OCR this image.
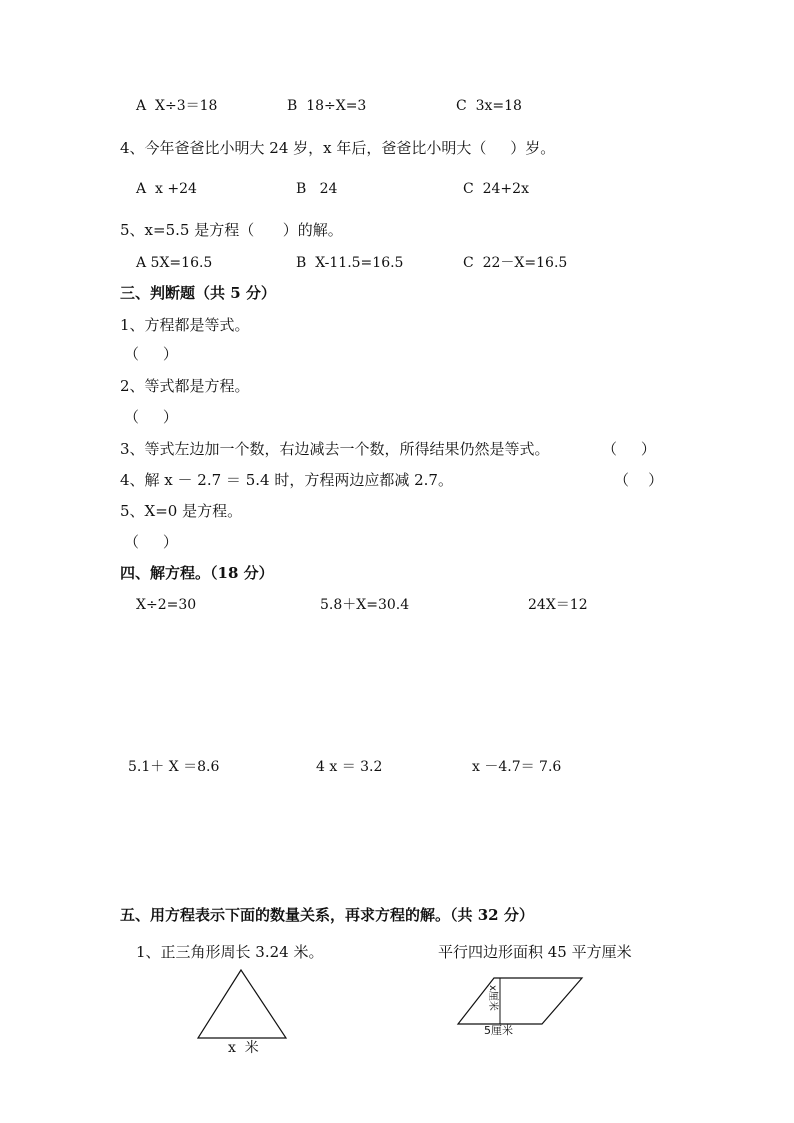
A  X÷3＝18	B  18÷X=3	C  3x=18
4、今年爸爸比小明大 24 岁，x 年后，爸爸比小明大（     ）岁。
A  x +24	B   24	C  24+2x
5、x=5.5 是方程（      ）的解。
A 5X=16.5	B  X-11.5=16.5	C  22－X=16.5
三、判断题（共 5 分）
1、方程都是等式。
（     ）
2、等式都是方程。
（     ）
3、等式左边加一个数，右边减去一个数，所得结果仍然是等式。	（     ）
4、解 x － 2.7 ＝ 5.4 时，方程两边应都减 2.7。	（    ）
5、X=0 是方程。
（     ）
四、解方程。（18 分）
X÷2=30	5.8＋X=30.4	24X＝12
5.1＋ X ＝8.6	4 x ＝ 3.2	x －4.7＝ 7.6
五、用方程表示下面的数量关系，再求方程的解。（共 32 分）
1、正三角形周长 3.24 米。	平行四边形面积 45 平方厘米
x  米
x厘米
5厘米
